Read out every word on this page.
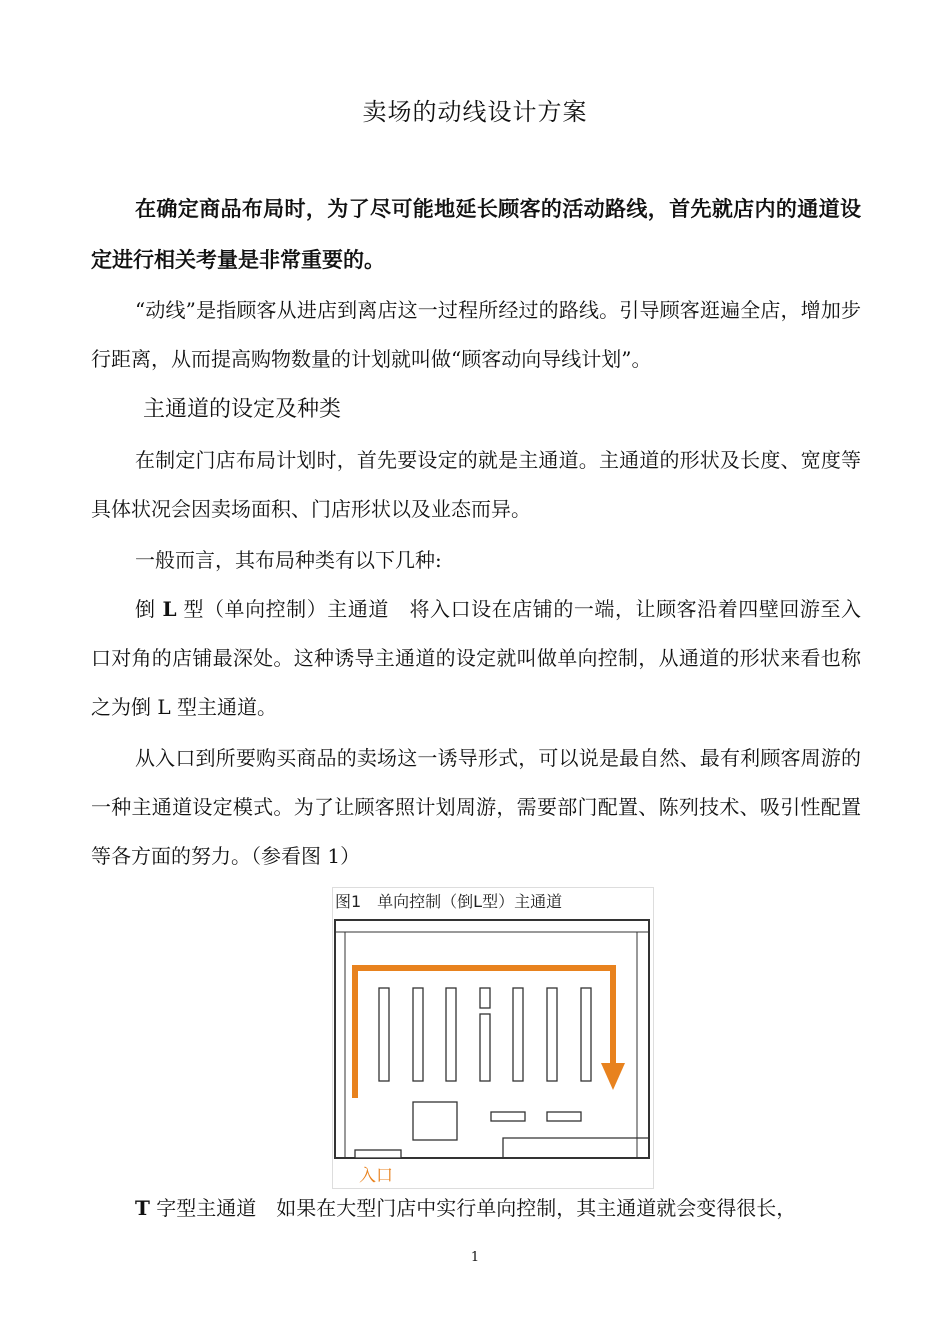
卖场的动线设计方案

在确定商品布局时，为了尽可能地延长顾客的活动路线，首先就店内的通道设定进行相关考量是非常重要的。

“动线”是指顾客从进店到离店这一过程所经过的路线。引导顾客逛遍全店，增加步行距离，从而提高购物数量的计划就叫做“顾客动向导线计划”。

主通道的设定及种类

在制定门店布局计划时，首先要设定的就是主通道。主通道的形状及长度、宽度等具体状况会因卖场面积、门店形状以及业态而异。

一般而言，其布局种类有以下几种:

倒 L 型（单向控制）主通道　将入口设在店铺的一端，让顾客沿着四壁回游至入口对角的店铺最深处。这种诱导主通道的设定就叫做单向控制，从通道的形状来看也称之为倒 L 型主通道。

从入口到所要购买商品的卖场这一诱导形式，可以说是最自然、最有利顾客周游的一种主通道设定模式。为了让顾客照计划周游，需要部门配置、陈列技术、吸引性配置等各方面的努力。（参看图 1）

图1　单向控制（倒L型）主通道
入口

T 字型主通道　如果在大型门店中实行单向控制，其主通道就会变得很长，

1
